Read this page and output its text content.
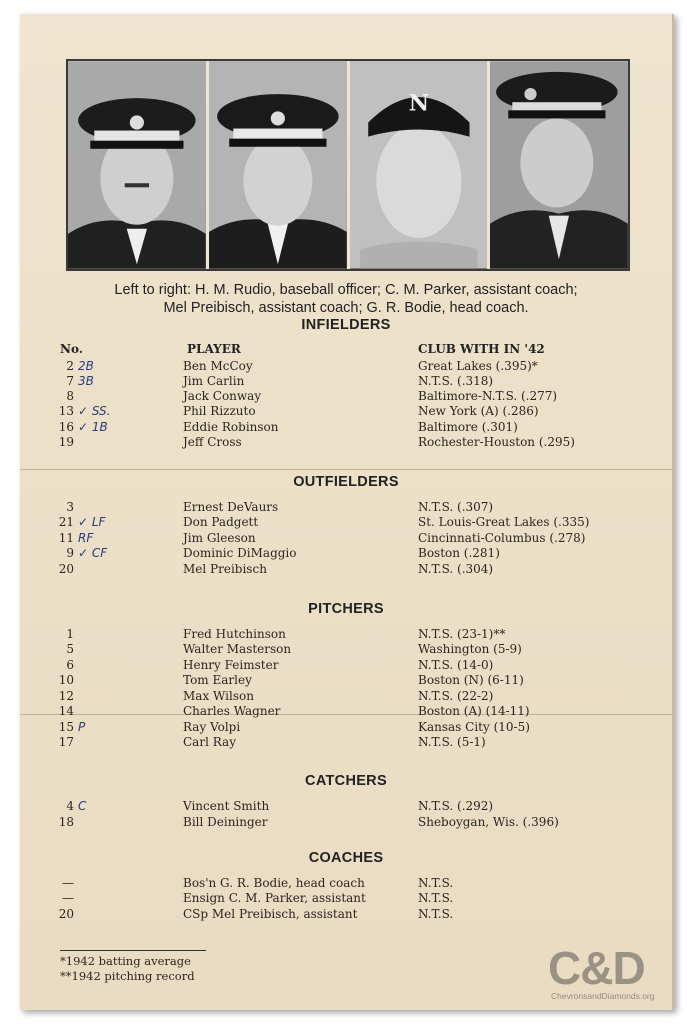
N
Left to right: H. M. Rudio, baseball officer; C. M. Parker, assistant coach;
Mel Preibisch, assistant coach; G. R. Bodie, head coach.
INFIELDERS
No.	PLAYER	CLUB WITH IN '42
2 2B	Ben McCoy	Great Lakes (.395)*
7 3B	Jim Carlin	N.T.S. (.318)
8	Jack Conway	Baltimore-N.T.S. (.277)
13 ✓ SS.	Phil Rizzuto	New York (A) (.286)
16 ✓ 1B	Eddie Robinson	Baltimore (.301)
19	Jeff Cross	Rochester-Houston (.295)
OUTFIELDERS
3	Ernest DeVaurs	N.T.S. (.307)
21 ✓ LF	Don Padgett	St. Louis-Great Lakes (.335)
11 RF	Jim Gleeson	Cincinnati-Columbus (.278)
9 ✓ CF	Dominic DiMaggio	Boston (.281)
20	Mel Preibisch	N.T.S. (.304)
PITCHERS
1	Fred Hutchinson	N.T.S. (23-1)**
5	Walter Masterson	Washington (5-9)
6	Henry Feimster	N.T.S. (14-0)
10	Tom Earley	Boston (N) (6-11)
12	Max Wilson	N.T.S. (22-2)
14	Charles Wagner	Boston (A) (14-11)
15 P	Ray Volpi	Kansas City (10-5)
17	Carl Ray	N.T.S. (5-1)
CATCHERS
4 C	Vincent Smith	N.T.S. (.292)
18	Bill Deininger	Sheboygan, Wis. (.396)
COACHES
—	Bos'n G. R. Bodie, head coach	N.T.S.
—	Ensign C. M. Parker, assistant	N.T.S.
20	CSp Mel Preibisch, assistant	N.T.S.
*1942 batting average
**1942 pitching record	C&D
ChevronsandDiamonds.org
